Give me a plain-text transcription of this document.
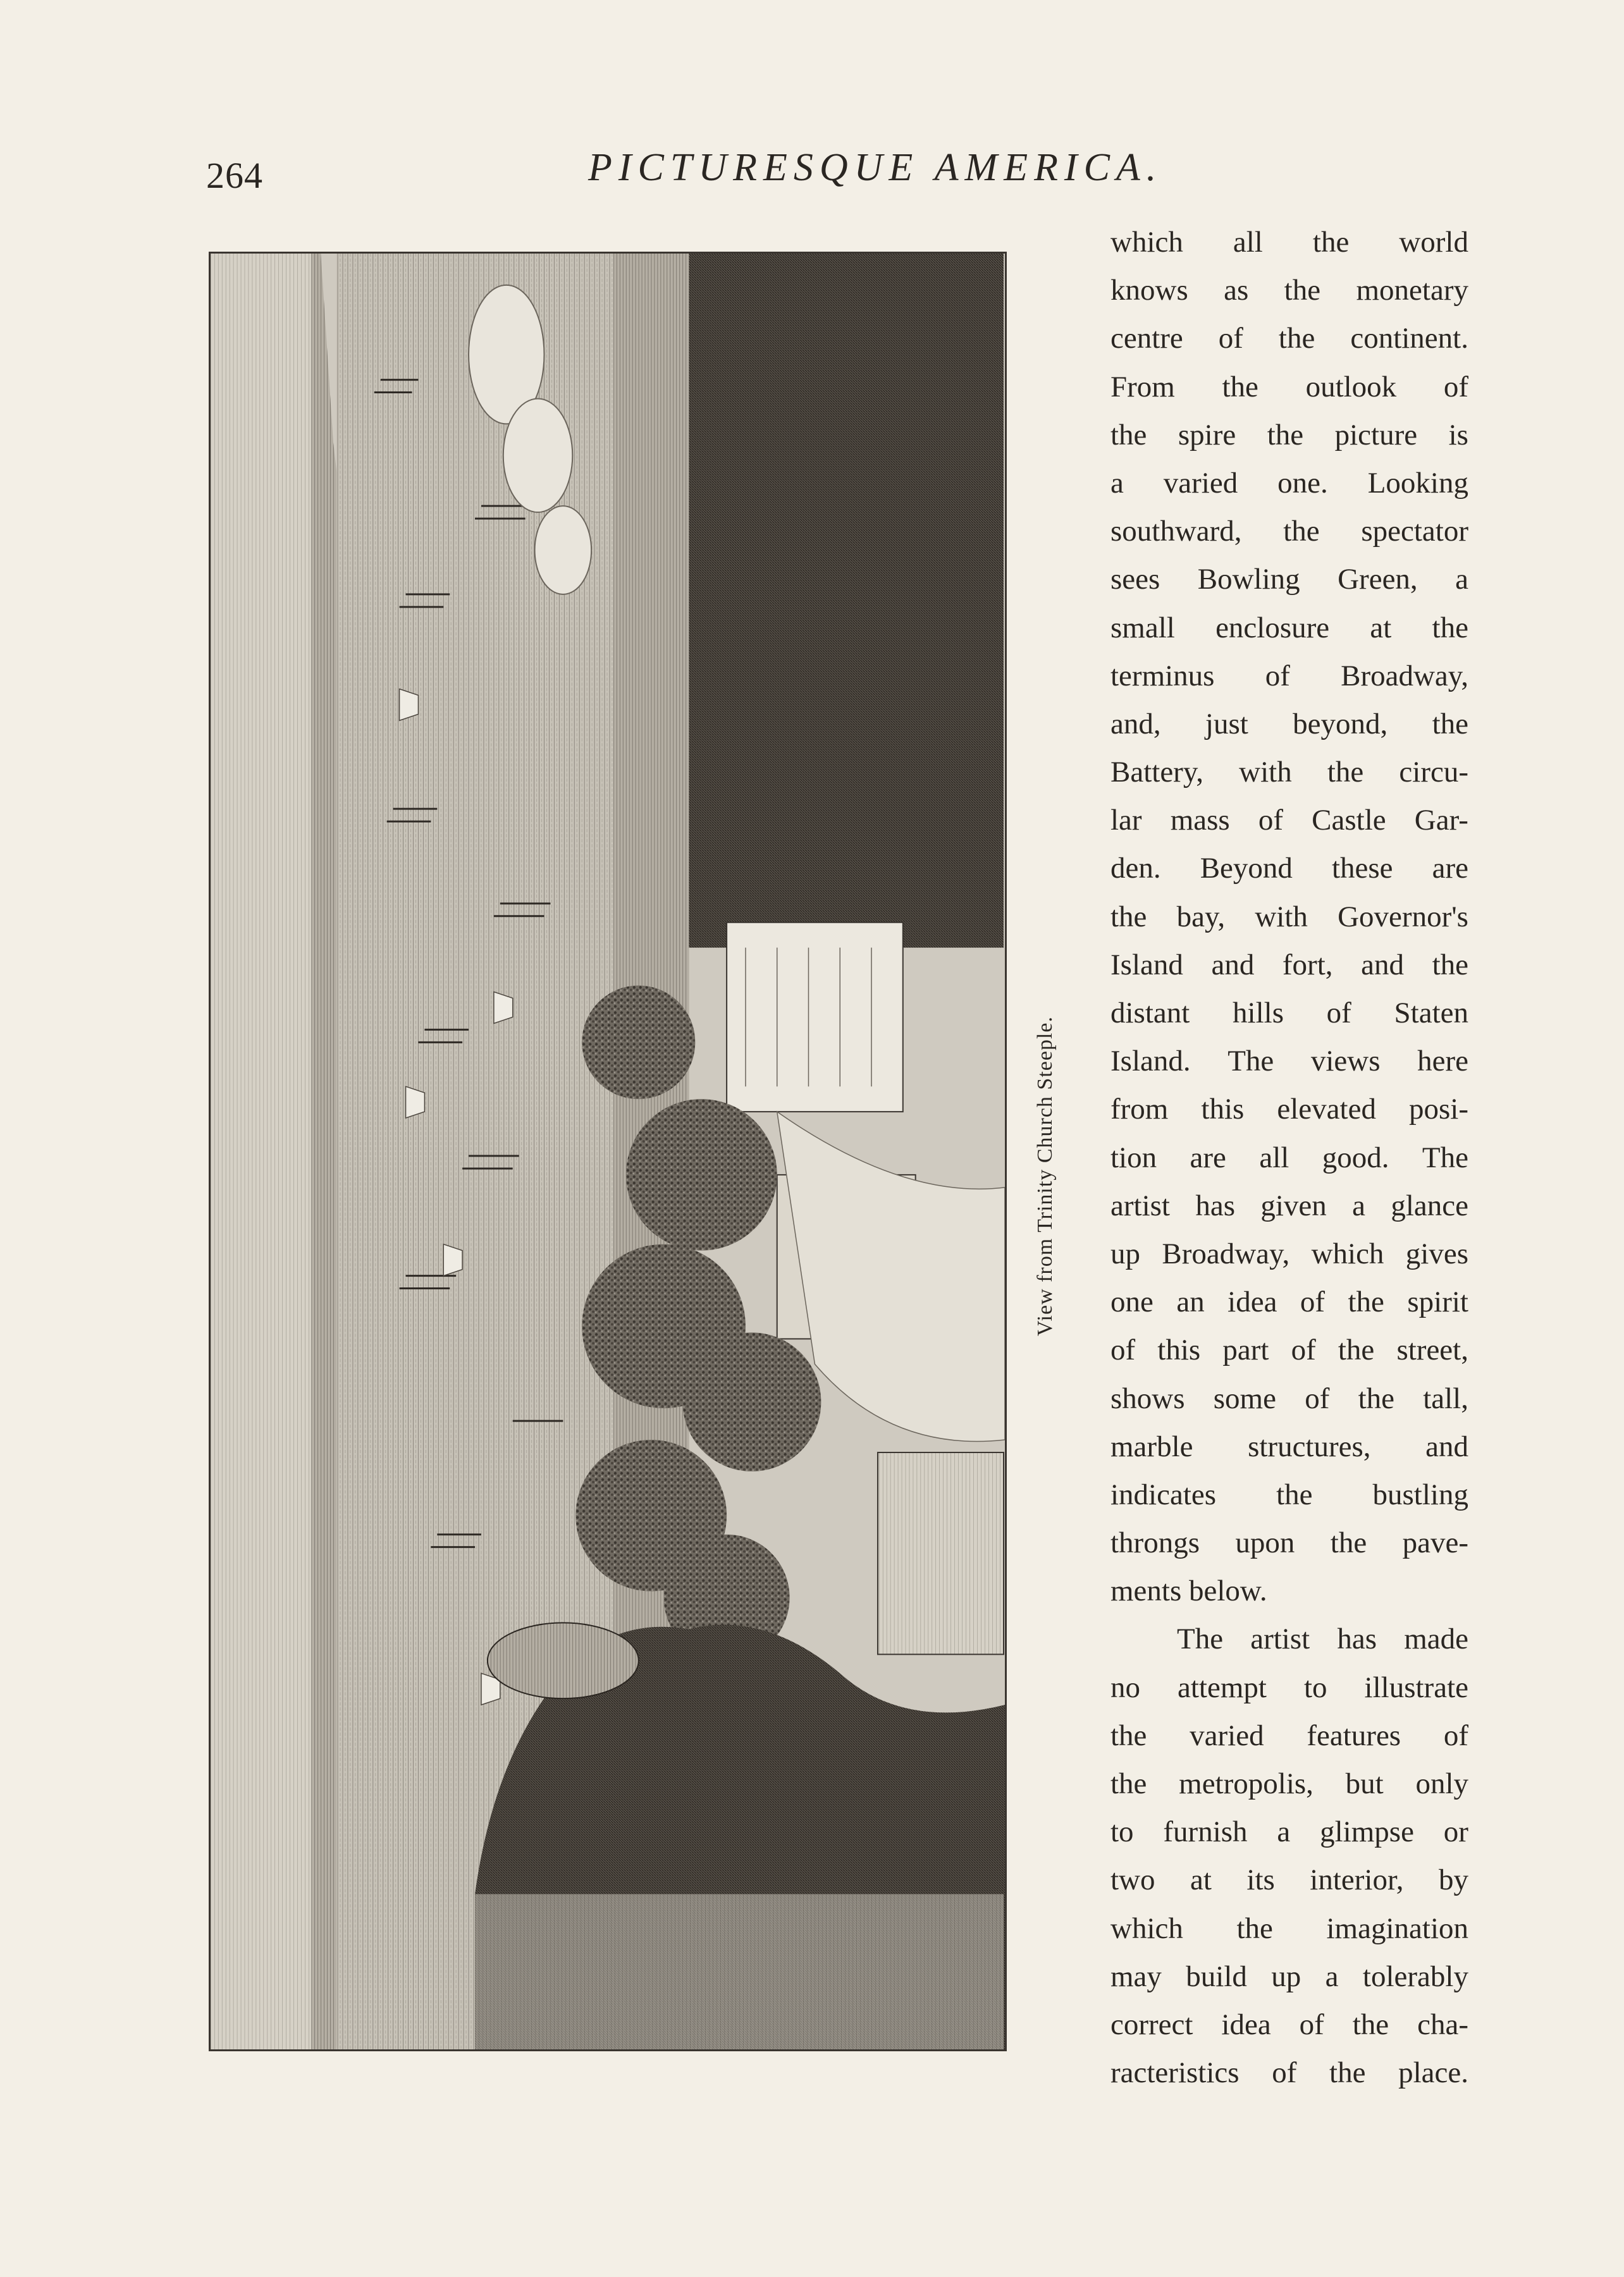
264	PICTURESQUE AMERICA.
View from Trinity Church Steeple.
which all the world
knows as the monetary
centre of the continent.
From the outlook of
the spire the picture is
a varied one. Looking
southward, the spectator
sees Bowling Green, a
small enclosure at the
terminus of Broadway,
and, just beyond, the
Battery, with the circu-
lar mass of Castle Gar-
den. Beyond these are
the bay, with Governor's
Island and fort, and the
distant hills of Staten
Island. The views here
from this elevated posi-
tion are all good. The
artist has given a glance
up Broadway, which gives
one an idea of the spirit
of this part of the street,
shows some of the tall,
marble structures, and
indicates the bustling
throngs upon the pave-
ments below.
The artist has made
no attempt to illustrate
the varied features of
the metropolis, but only
to furnish a glimpse or
two at its interior, by
which the imagination
may build up a tolerably
correct idea of the cha-
racteristics of the place.
